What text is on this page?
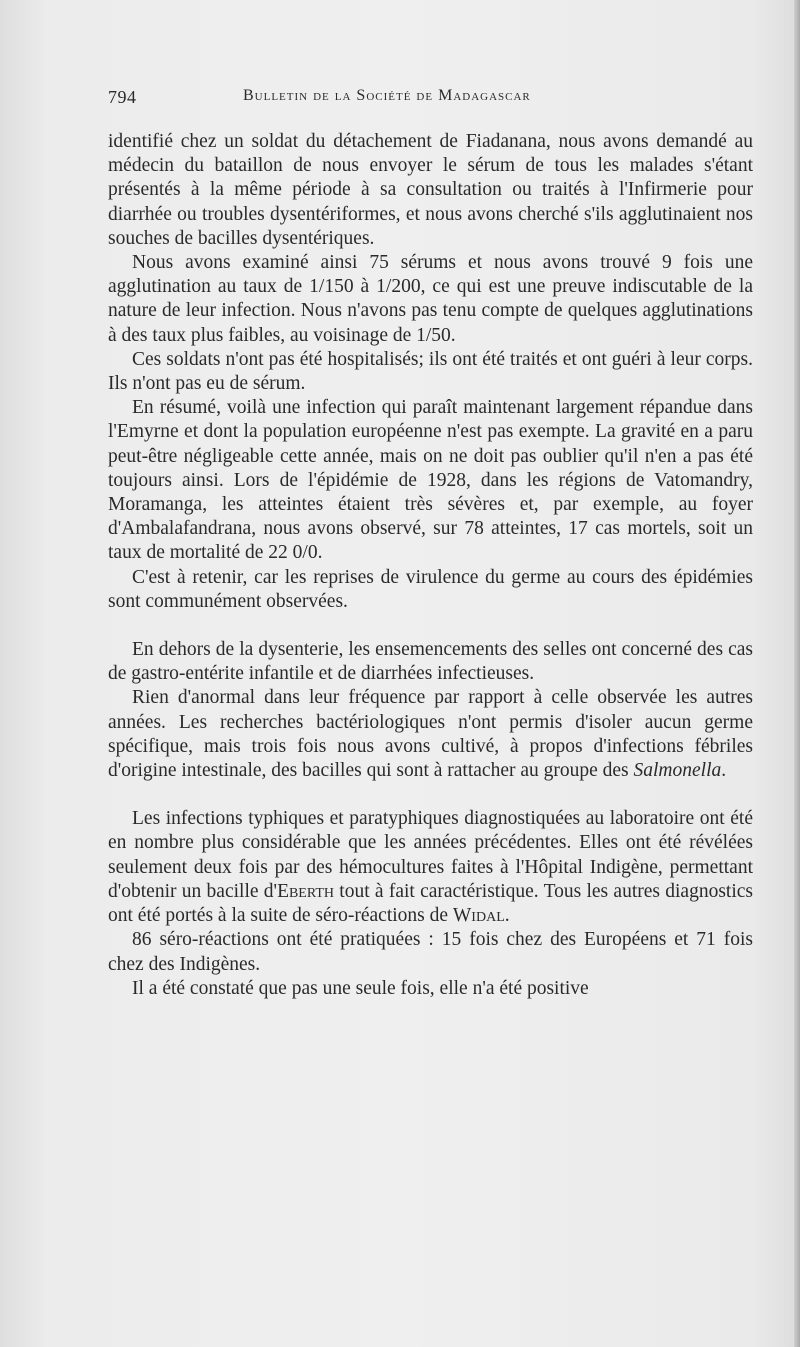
794	Bulletin de la Société de Madagascar

identifié chez un soldat du détachement de Fiadanana, nous avons demandé au médecin du bataillon de nous envoyer le sérum de tous les malades s'étant présentés à la même période à sa consultation ou traités à l'Infirmerie pour diarrhée ou troubles dysentériformes, et nous avons cherché s'ils agglutinaient nos souches de bacilles dysentériques.

Nous avons examiné ainsi 75 sérums et nous avons trouvé 9 fois une agglutination au taux de 1/150 à 1/200, ce qui est une preuve indiscutable de la nature de leur infection. Nous n'avons pas tenu compte de quelques agglutinations à des taux plus faibles, au voisinage de 1/50.

Ces soldats n'ont pas été hospitalisés; ils ont été traités et ont guéri à leur corps. Ils n'ont pas eu de sérum.

En résumé, voilà une infection qui paraît maintenant largement répandue dans l'Emyrne et dont la population européenne n'est pas exempte. La gravité en a paru peut-être négligeable cette année, mais on ne doit pas oublier qu'il n'en a pas été toujours ainsi. Lors de l'épidémie de 1928, dans les régions de Vatomandry, Moramanga, les atteintes étaient très sévères et, par exemple, au foyer d'Ambalafandrana, nous avons observé, sur 78 atteintes, 17 cas mortels, soit un taux de mortalité de 22 0/0.

C'est à retenir, car les reprises de virulence du germe au cours des épidémies sont communément observées.

En dehors de la dysenterie, les ensemencements des selles ont concerné des cas de gastro-entérite infantile et de diarrhées infectieuses.

Rien d'anormal dans leur fréquence par rapport à celle observée les autres années. Les recherches bactériologiques n'ont permis d'isoler aucun germe spécifique, mais trois fois nous avons cultivé, à propos d'infections fébriles d'origine intestinale, des bacilles qui sont à rattacher au groupe des Salmonella.

Les infections typhiques et paratyphiques diagnostiquées au laboratoire ont été en nombre plus considérable que les années précédentes. Elles ont été révélées seulement deux fois par des hémocultures faites à l'Hôpital Indigène, permettant d'obtenir un bacille d'Eberth tout à fait caractéristique. Tous les autres diagnostics ont été portés à la suite de séro-réactions de Widal.

86 séro-réactions ont été pratiquées : 15 fois chez des Européens et 71 fois chez des Indigènes.

Il a été constaté que pas une seule fois, elle n'a été positive
